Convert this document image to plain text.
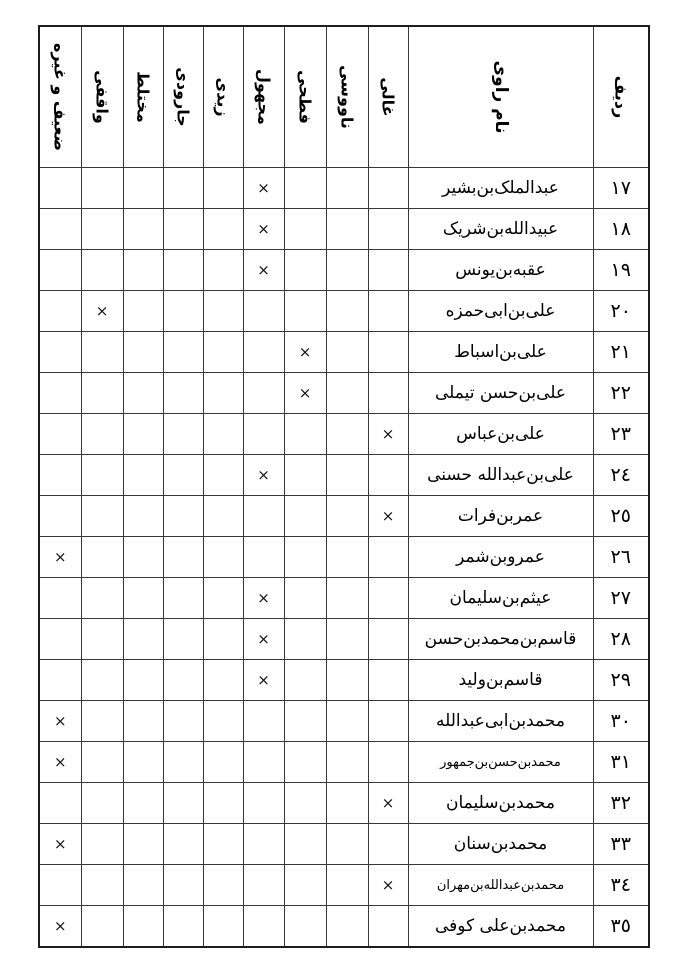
رديف	نام راوی	غالی	ناووسی	فطحی	مجهول	زیدی	جارودی	مختلط	واقفی	ضعیف و غیره

١٧	عبدالملک‌بن‌بشیر				×					
١٨	عبیدالله‌بن‌شریک				×					
١٩	عقبه‌بن‌یونس				×					
٢٠	علی‌بن‌ابی‌حمزه								×	
٢١	علی‌بن‌اسباط			×						
٢٢	علی‌بن‌حسن تیملی			×						
٢٣	علی‌بن‌عباس	×								
٢٤	علی‌بن‌عبدالله حسنی				×					
٢٥	عمربن‌فرات	×								
٢٦	عمروبن‌شمر									×
٢٧	عیثم‌بن‌سلیمان				×					
٢٨	قاسم‌بن‌محمدبن‌حسن				×					
٢٩	قاسم‌بن‌ولید				×					
٣٠	محمدبن‌ابی‌عبدالله									×
٣١	محمدبن‌حسن‌بن‌جمهور									×
٣٢	محمدبن‌سلیمان	×								
٣٣	محمدبن‌سنان									×
٣٤	محمدبن‌عبدالله‌بن‌مهران	×								
٣٥	محمدبن‌علی کوفی									×
